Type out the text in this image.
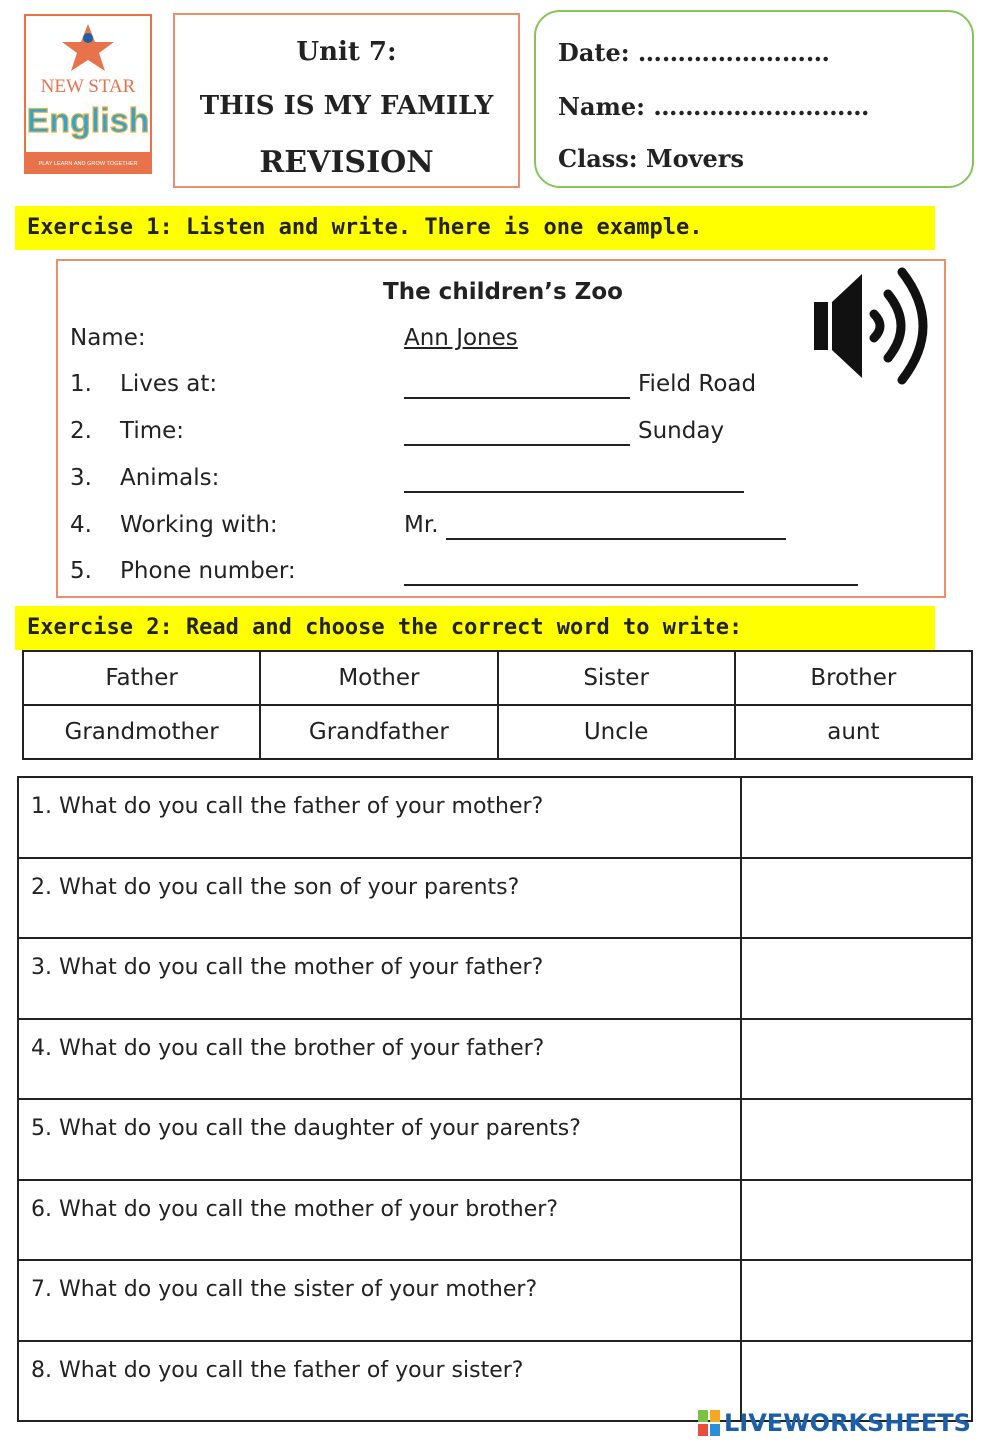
NEW STAR
English
PLAY LEARN AND GROW TOGETHER
Unit 7:
THIS IS MY FAMILY
REVISION
Date: ……………………
Name: ………………………
Class: Movers
Exercise 1: Listen and write. There is one example.
The children’s Zoo
Name:	Ann Jones
1. Lives at:	Field Road
2. Time:	Sunday
3. Animals:
4. Working with:	Mr.
5. Phone number:
Exercise 2: Read and choose the correct word to write:
Father	Mother	Sister	Brother
Grandmother	Grandfather	Uncle	aunt
1. What do you call the father of your mother?	
2. What do you call the son of your parents?	
3. What do you call the mother of your father?	
4. What do you call the brother of your father?	
5. What do you call the daughter of your parents?	
6. What do you call the mother of your brother?	
7. What do you call the sister of your mother?	
8. What do you call the father of your sister?	
LIVEWORKSHEETS
